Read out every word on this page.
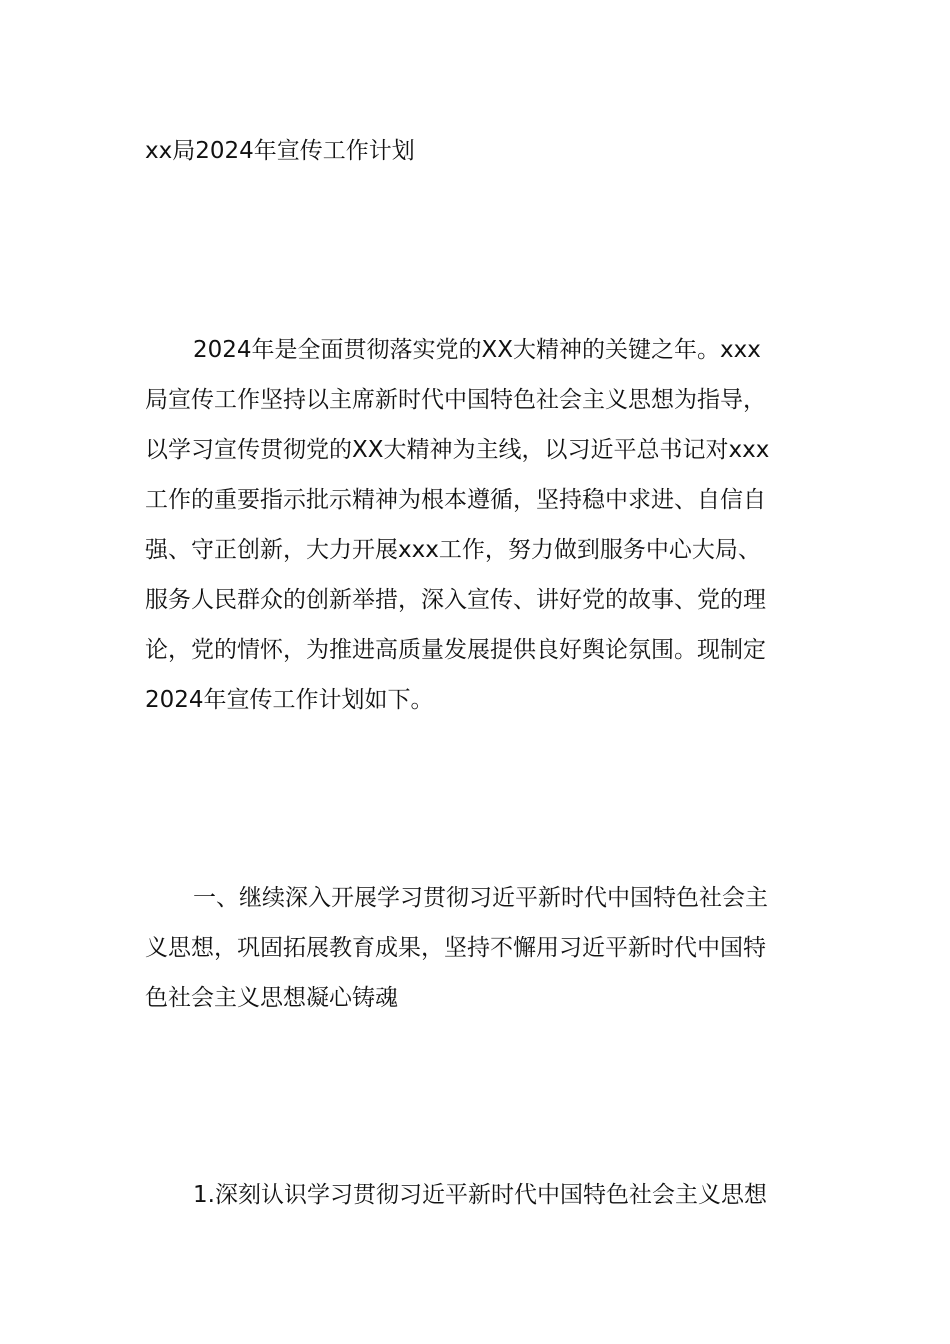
xx局2024年宣传工作计划
2024年是全面贯彻落实党的XX大精神的关键之年。xxx
局宣传工作坚持以主席新时代中国特色社会主义思想为指导，
以学习宣传贯彻党的XX大精神为主线，以习近平总书记对xxx
工作的重要指示批示精神为根本遵循，坚持稳中求进、自信自
强、守正创新，大力开展xxx工作，努力做到服务中心大局、
服务人民群众的创新举措，深入宣传、讲好党的故事、党的理
论，党的情怀，为推进高质量发展提供良好舆论氛围。现制定
2024年宣传工作计划如下。
一、继续深入开展学习贯彻习近平新时代中国特色社会主
义思想，巩固拓展教育成果，坚持不懈用习近平新时代中国特
色社会主义思想凝心铸魂
1.深刻认识学习贯彻习近平新时代中国特色社会主义思想
